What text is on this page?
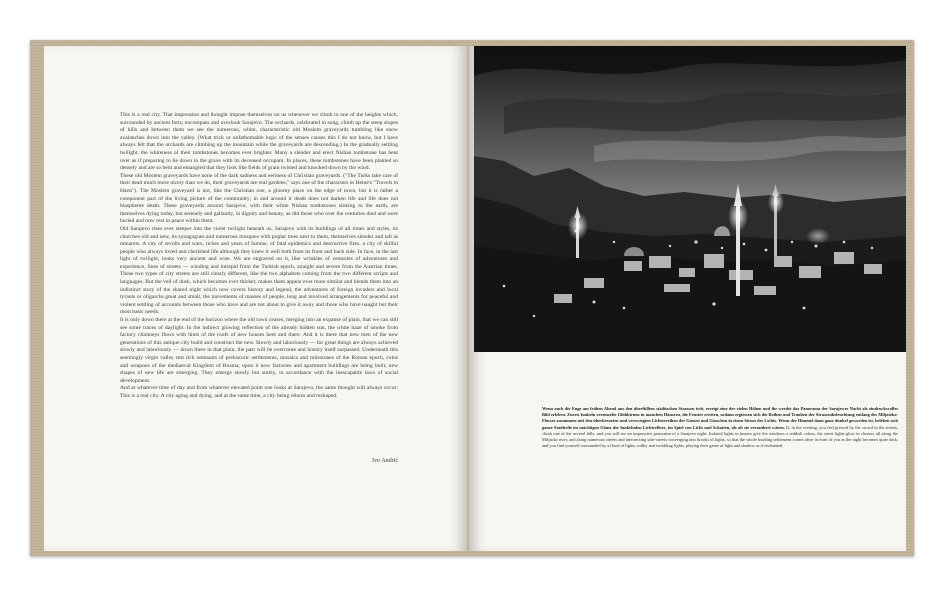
This is a real city. That impression and thought impose themselves on us whenever we climb to one of the heights which, surrounded by ancient forts, encompass and overlook Sarajevo. The orchards, celebrated in song, climb up the steep slopes of hills and between them we see the numerous, white, characteristic old Moslem graveyards tumbling like snow avalanches down into the valley. (What trick or unfathomable logic of the senses causes this I do not know, but I have always felt that the orchards are climbing up the mountain while the graveyards are descending.) In the gradually settling twilight, the whiteness of their tombstones becomes ever brighter. Many a slender and erect Nishan tombstone has bent over as if preparing to lie down in the grave with its deceased occupant. In places, these tombstones have been planted so densely and are so bent and entangled that they look like fields of grain twisted and knocked down by the wind.

These old Moslem graveyards have none of the dark sadness and eeriness of Christian graveyards. ("The Turks take care of their dead much more nicely than we do, their graveyards are real gardens," says one of the characters in Heine's "Travels in Harts"). The Moslem graveyard is not, like the Christian one, a gloomy place on the edge of town, but it is rather a component part of the living picture of the community; in and around it death does not darken life and life does not blaspheme death. These graveyards around Sarajevo, with their white Nishan tombstones sinking to the earth, are themselves dying today, but serenely and gallantly, in dignity and beauty, as did those who over the centuries died and were buried and now rest in peace within them.

Old Sarajevo rises ever steeper into the violet twilight beneath us, Sarajevo with its buildings of all times and styles, its churches old and new, its synagogues and numerous mosques with poplar trees next to them, themselves slender and tall as minarets. A city of revolts and wars, riches and years of famine, of fatal epidemics and destructive fires, a city of skilful people who always loved and cherished life although they knew it well both from its front and back side. In face, in the last light of twilight, looks very ancient and wise. We are engraved on it, like wrinkles of centuries of adventures and experience, lines of streets — winding and intrepid from the Turkish epoch, straight and severe from the Austrian times. These two types of city streets are still clearly different, like the two alphabets coming from the two different scripts and languages. But the veil of dusk, which becomes ever thicker, makes them appear ever more similar and blends them into an indistinct story of the shared night which now covers history and legend, the adventures of foreign invaders and local tyrants or oligarchs great and small, the movements of masses of people, long and involved arrangements for peaceful and violent settling of accounts between those who have and are not about to give it away and those who have naught but their most basic needs.

It is only down there at the end of the horizon where the old town ceases, merging into an expanse of plain, that we can still see some traces of daylight. In the indirect glowing reflection of the already hidden sun, the white haze of smoke from factory chimneys flows with hints of the roofs of new houses here and there. And it is there that new men of the new generations of this antique city build and construct the new. Slowly and laboriously — for great things are always achieved slowly and laboriously — down there in that plain, the past will be overcome and history itself surpassed. Underneath this seemingly virgin valley rest rich remnants of prehistoric settlements, mosaics and milestones of the Roman epoch, coins and weapons of the mediaeval Kingdom of Bosnia; upon it now factories and apartment buildings are being built, new shapes of new life are emerging. They emerge slowly but surely, in accordance with the inescapable laws of social development.

And at whatever time of day and from whatever elevated point one looks at Sarajevo, the same thought will always occur: This is a real city. A city aging and dying, and at the same time, a city being reborn and reshaped.

Ivo Andrić

Wenn auch die Enge am frühen Abend aus den überfüllten städtischen Strassen tritt, erzeigt eine der vielen Höhen und ihr werdet das Panorama der Sarajewer Nacht als eindrucksvolles Bild erleben. Zuerst funkeln vereinzelte Glühbirnen in manchen Häusern, die Fenster erröten, sodann ergiessen sich die Reihen und Trauben der Strassenbeleuchtung entlang des Miljatzka-Flusses zusammen mit den überkreuzten und verzweigten Lichterreihen der Gassen und Gässchen in einen Strom des Lichts. Wenn der Himmel dann ganz dunkel geworden ist, beleben sich ganze Stadtteile im mächtigen Glanz der funkelnden Lichtreflexe, im Spiel von Licht und Schatten, als ob sie verzaubert wären. If, in the evening, you feel pressed by the crowd in the streets, climb one of the several hills, and you will see an impressive panorama of a Sarajevo night. Isolated lights in houses give the windows a reddish colour, the street lights glow in clusters all along the Miljacka river, and along numerous streets and intersecting side-streets converging into brooks of lights, so that the whole bustling settlement comes alive in front of you as the night becomes quite dark, and you find yourself surrounded by a flood of lights, milky and twinkling lights, playing their game of light and shadow as if enchanted.
